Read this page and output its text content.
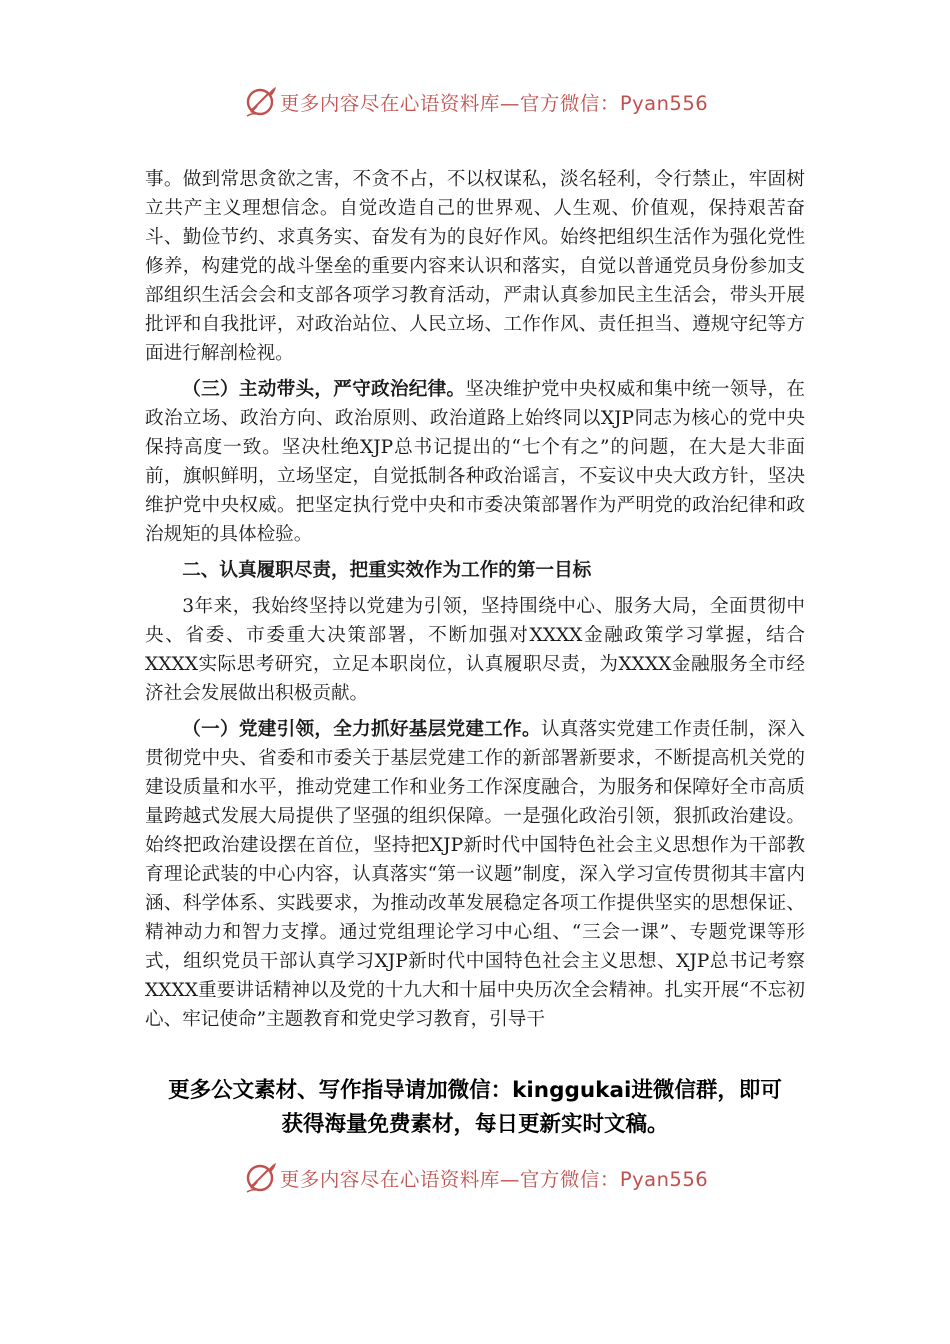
更多内容尽在心语资料库—官方微信：Pyan556

事。做到常思贪欲之害，不贪不占，不以权谋私，淡名轻利，令行禁止，牢固树立共产主义理想信念。自觉改造自己的世界观、人生观、价值观，保持艰苦奋斗、勤俭节约、求真务实、奋发有为的良好作风。始终把组织生活作为强化党性修养，构建党的战斗堡垒的重要内容来认识和落实，自觉以普通党员身份参加支部组织生活会会和支部各项学习教育活动，严肃认真参加民主生活会，带头开展批评和自我批评，对政治站位、人民立场、工作作风、责任担当、遵规守纪等方面进行解剖检视。

（三）主动带头，严守政治纪律。坚决维护党中央权威和集中统一领导，在政治立场、政治方向、政治原则、政治道路上始终同以XJP同志为核心的党中央保持高度一致。坚决杜绝XJP总书记提出的“七个有之”的问题，在大是大非面前，旗帜鲜明，立场坚定，自觉抵制各种政治谣言，不妄议中央大政方针，坚决维护党中央权威。把坚定执行党中央和市委决策部署作为严明党的政治纪律和政治规矩的具体检验。

二、认真履职尽责，把重实效作为工作的第一目标

3年来，我始终坚持以党建为引领，坚持围绕中心、服务大局，全面贯彻中央、省委、市委重大决策部署，不断加强对XXXX金融政策学习掌握，结合XXXX实际思考研究，立足本职岗位，认真履职尽责，为XXXX金融服务全市经济社会发展做出积极贡献。

（一）党建引领，全力抓好基层党建工作。认真落实党建工作责任制，深入贯彻党中央、省委和市委关于基层党建工作的新部署新要求，不断提高机关党的建设质量和水平，推动党建工作和业务工作深度融合，为服务和保障好全市高质量跨越式发展大局提供了坚强的组织保障。一是强化政治引领，狠抓政治建设。始终把政治建设摆在首位，坚持把XJP新时代中国特色社会主义思想作为干部教育理论武装的中心内容，认真落实“第一议题”制度，深入学习宣传贯彻其丰富内涵、科学体系、实践要求，为推动改革发展稳定各项工作提供坚实的思想保证、精神动力和智力支撑。通过党组理论学习中心组、“三会一课”、专题党课等形式，组织党员干部认真学习XJP新时代中国特色社会主义思想、XJP总书记考察XXXX重要讲话精神以及党的十九大和十届中央历次全会精神。扎实开展“不忘初心、牢记使命”主题教育和党史学习教育，引导干

更多公文素材、写作指导请加微信：kinggukai进微信群，即可
获得海量免费素材，每日更新实时文稿。
更多内容尽在心语资料库—官方微信：Pyan556
